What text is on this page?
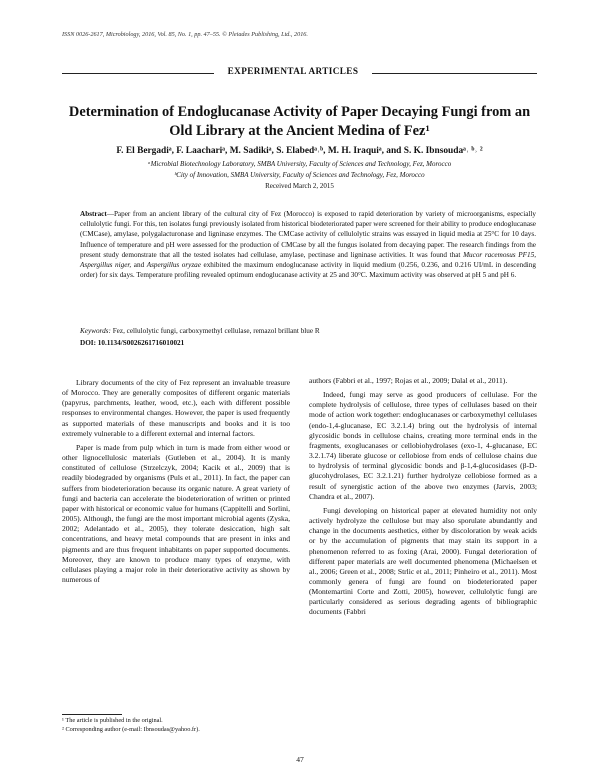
ISSN 0026-2617, Microbiology, 2016, Vol. 85, No. 1, pp. 47–55. © Pleiades Publishing, Ltd., 2016.
EXPERIMENTAL ARTICLES
Determination of Endoglucanase Activity of Paper Decaying Fungi from an Old Library at the Ancient Medina of Fez¹
F. El Bergadiᵃ, F. Laachariᵃ, M. Sadikiᵃ, S. Elabedᵃ˒ᵇ, M. H. Iraquiᵃ, and S. K. Ibnsoudaᵃ˒ ᵇ˒ ²
ᵃMicrobial Biotechnology Laboratory, SMBA University, Faculty of Sciences and Technology, Fez, Morocco
ᵇCity of Innovation, SMBA University, Faculty of Sciences and Technology, Fez, Morocco
Received March 2, 2015

Abstract—Paper from an ancient library of the cultural city of Fez (Morocco) is exposed to rapid deterioration by variety of microorganisms, especially cellulolytic fungi. For this, ten isolates fungi previously isolated from historical biodeteriorated paper were screened for their ability to produce endoglucanase (CMCase), amylase, polygalacturonase and ligninase enzymes. The CMCase activity of cellulolytic strains was essayed in liquid media at 25°C for 10 days. Influence of temperature and pH were assessed for the production of CMCase by all the fungus isolated from decaying paper. The research findings from the present study demonstrate that all the tested isolates had cellulase, amylase, pectinase and ligninase activities. It was found that Mucor racemosus PF15, Aspergillus niger, and Aspergillus oryzae exhibited the maximum endoglucanase activity in liquid medium (0.256, 0.236, and 0.216 UI/mL in descending order) for six days. Temperature profiling revealed optimum endoglucanase activity at 25 and 30°C. Maximum activity was observed at pH 5 and pH 6.

Keywords: Fez, cellulolytic fungi, carboxymethyl cellulase, remazol brillant blue R

DOI: 10.1134/S0026261716010021

Library documents of the city of Fez represent an invaluable treasure of Morocco. They are generally composites of different organic materials (papyrus, parchments, leather, wood, etc.), each with different possible responses to environmental changes. However, the paper is used frequently as supported materials of these manuscripts and books and it is too extremely vulnerable to a different external and internal factors.

Paper is made from pulp which in turn is made from either wood or other lignocellulosic materials (Gutleben et al., 2004). It is manly constituted of cellulose (Strzelczyk, 2004; Kacik et al., 2009) that is readily biodegraded by organisms (Puls et al., 2011). In fact, the paper can suffers from biodeterioration because its organic nature. A great variety of fungi and bacteria can accelerate the biodeterioration of written or printed paper with historical or economic value for humans (Cappitelli and Sorlini, 2005). Although, the fungi are the most important microbial agents (Zyska, 2002; Adelantado et al., 2005), they tolerate desiccation, high salt concentrations, and heavy metal compounds that are present in inks and pigments and are thus frequent inhabitants on paper supported documents. Moreover, they are known to produce many types of enzyme, with cellulases playing a major role in their deteriorative activity as shown by numerous of

authors (Fabbri et al., 1997; Rojas et al., 2009; Dalal et al., 2011).

Indeed, fungi may serve as good producers of cellulase. For the complete hydrolysis of cellulose, three types of cellulases based on their mode of action work together: endoglucanases or carboxymethyl cellulases (endo-1,4-glucanase, EC 3.2.1.4) bring out the hydrolysis of internal glycosidic bonds in cellulose chains, creating more terminal ends in the fragments, exoglucanases or cellobiohydrolases (exo-1, 4-glucanase, EC 3.2.1.74) liberate glucose or cellobiose from ends of cellulose chains due to hydrolysis of terminal glycosidic bonds and β-1,4-glucosidases (β-D-glucohydrolases, EC 3.2.1.21) further hydrolyze cellobiose formed as a result of synergistic action of the above two enzymes (Jarvis, 2003; Chandra et al., 2007).

Fungi developing on historical paper at elevated humidity not only actively hydrolyze the cellulose but may also sporulate abundantly and change in the documents aesthetics, either by discoloration by weak acids or by the accumulation of pigments that may stain its support in a phenomenon referred to as foxing (Arai, 2000). Fungal deterioration of different paper materials are well documented phenomena (Michaelsen et al., 2006; Green et al., 2008; Strlic et al., 2011; Pinheiro et al., 2011). Most commonly genera of fungi are found on biodeteriorated paper (Montemartini Corte and Zotti, 2005), however, cellulolytic fungi are particularly considered as serious degrading agents of bibliographic documents (Fabbri

¹ The article is published in the original.
² Corresponding author (e-mail: Ibnsoudas@yahoo.fr).
47
